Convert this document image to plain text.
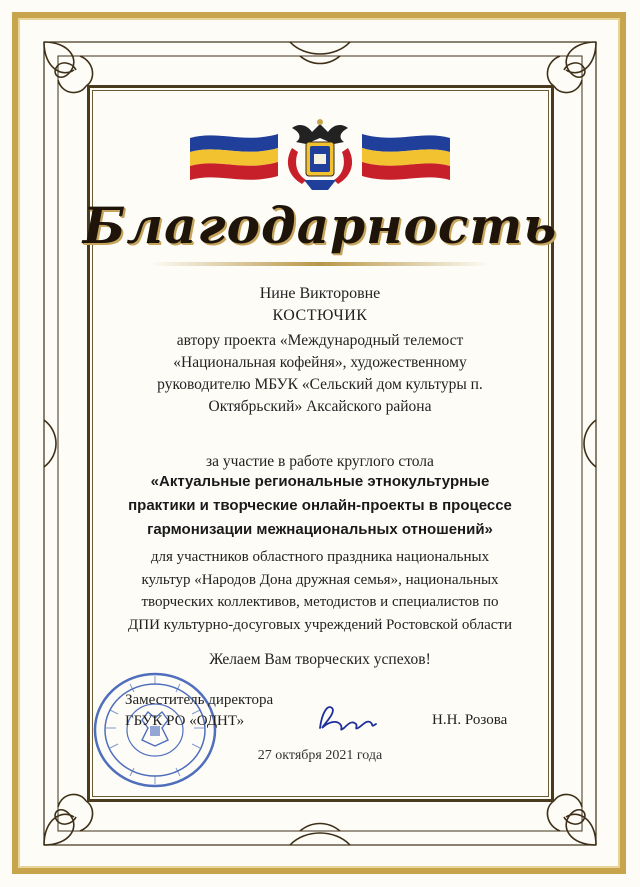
Благодарность
Нине Викторовне
КОСТЮЧИК

автору проекта «Международный телемост

«Национальная кофейня», художественному

руководителю МБУК «Сельский дом культуры п.

Октябрьский» Аксайского района

за участие в работе круглого стола
«Актуальные региональные этнокультурные
практики и творческие онлайн-проекты в процессе
гармонизации межнациональных отношений»
для участников областного праздника национальных
культур «Народов Дона дружная семья», национальных
творческих коллективов, методистов и специалистов по
ДПИ культурно-досуговых учреждений Ростовской области
Желаем Вам творческих успехов!
Заместитель директора
ГБУК РО «ОДНТ»	Н.Н. Розова
27 октября 2021 года
